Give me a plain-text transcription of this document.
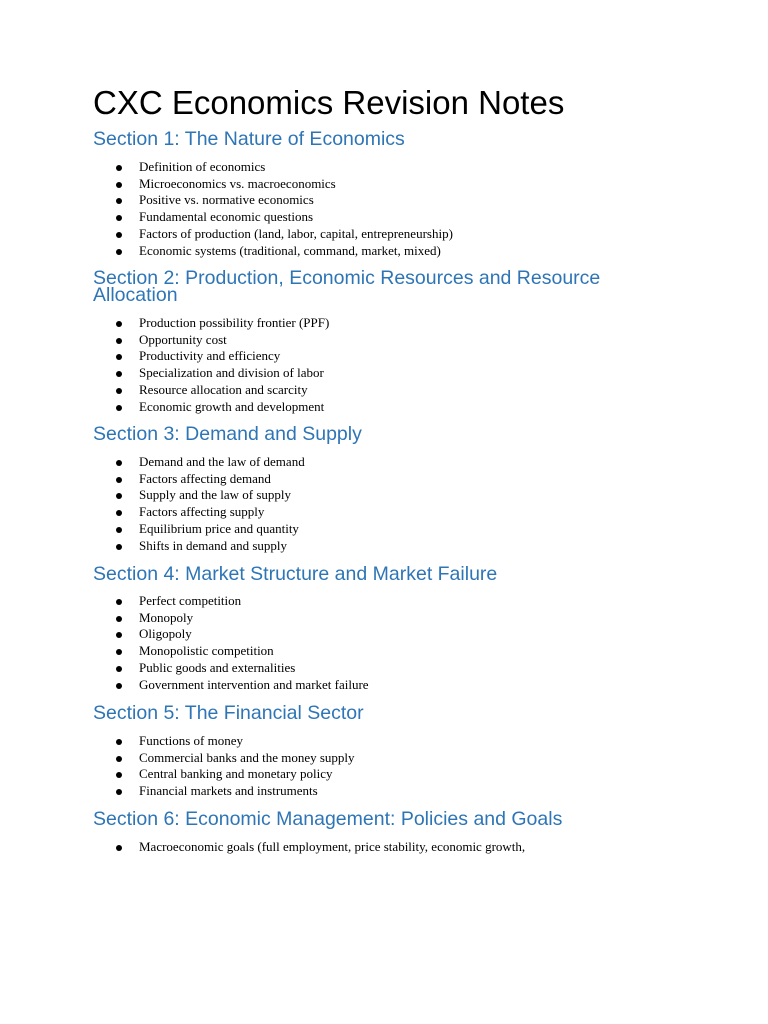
CXC Economics Revision Notes
Section 1: The Nature of Economics
Definition of economics
Microeconomics vs. macroeconomics
Positive vs. normative economics
Fundamental economic questions
Factors of production (land, labor, capital, entrepreneurship)
Economic systems (traditional, command, market, mixed)
Section 2: Production, Economic Resources and Resource Allocation
Production possibility frontier (PPF)
Opportunity cost
Productivity and efficiency
Specialization and division of labor
Resource allocation and scarcity
Economic growth and development
Section 3: Demand and Supply
Demand and the law of demand
Factors affecting demand
Supply and the law of supply
Factors affecting supply
Equilibrium price and quantity
Shifts in demand and supply
Section 4: Market Structure and Market Failure
Perfect competition
Monopoly
Oligopoly
Monopolistic competition
Public goods and externalities
Government intervention and market failure
Section 5: The Financial Sector
Functions of money
Commercial banks and the money supply
Central banking and monetary policy
Financial markets and instruments
Section 6: Economic Management: Policies and Goals
Macroeconomic goals (full employment, price stability, economic growth,
